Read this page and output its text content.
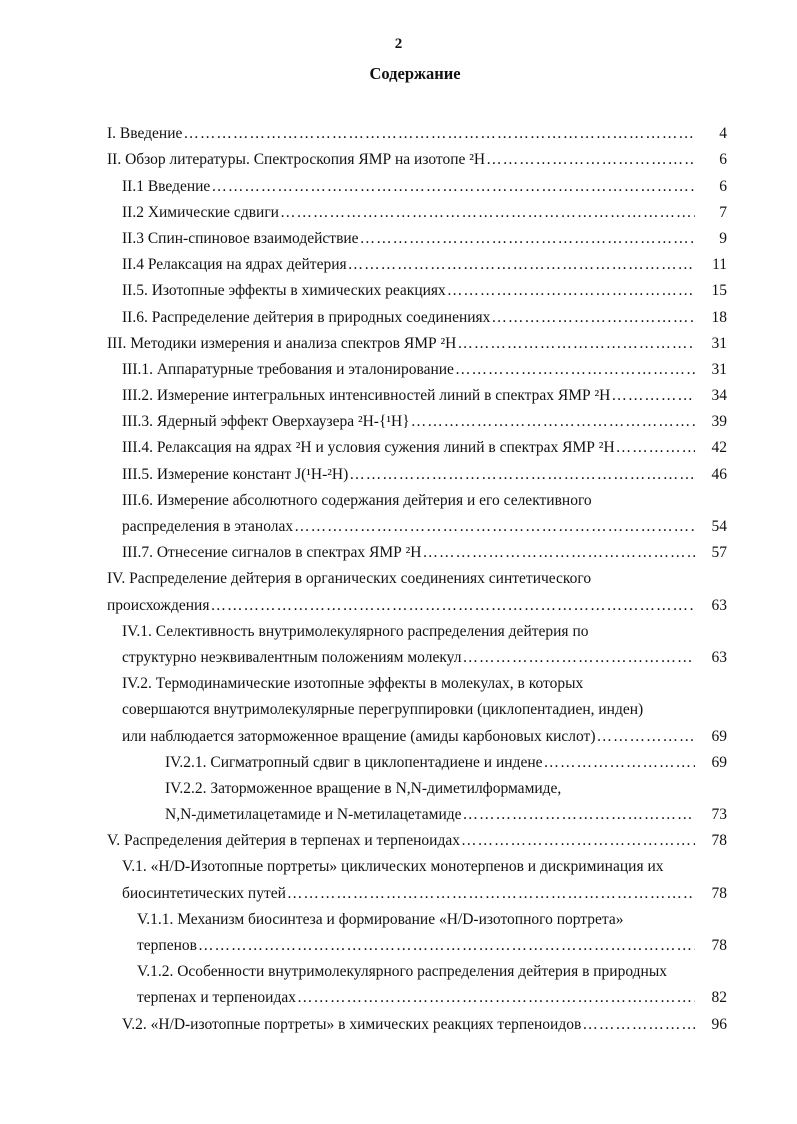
2
Содержание
I. Введение ……………………………………………………………………………………………………………………………………………………………………………	4
II. Обзор литературы. Спектроскопия ЯМР на изотопе ²H ……………………………………………………………………………………………………………………………………………………………………………	6
II.1 Введение ……………………………………………………………………………………………………………………………………………………………………………	6
II.2 Химические сдвиги ……………………………………………………………………………………………………………………………………………………………………………	7
II.3 Спин-спиновое взаимодействие ……………………………………………………………………………………………………………………………………………………………………………	9
II.4 Релаксация на ядрах дейтерия ……………………………………………………………………………………………………………………………………………………………………………	11
II.5. Изотопные эффекты в химических реакциях ……………………………………………………………………………………………………………………………………………………………………………	15
II.6. Распределение дейтерия в природных соединениях ……………………………………………………………………………………………………………………………………………………………………………	18
III. Методики измерения и анализа спектров ЯМР ²H ……………………………………………………………………………………………………………………………………………………………………………	31
III.1. Аппаратурные требования и эталонирование ……………………………………………………………………………………………………………………………………………………………………………	31
III.2. Измерение интегральных интенсивностей линий в спектрах ЯМР ²H ……………………………………………………………………………………………………………………………………………………………………………	34
III.3. Ядерный эффект Оверхаузера ²H-{¹H} ……………………………………………………………………………………………………………………………………………………………………………	39
III.4. Релаксация на ядрах ²H и условия сужения линий в спектрах ЯМР ²H ……………………………………………………………………………………………………………………………………………………………………………	42
III.5. Измерение констант J(¹H-²H) ……………………………………………………………………………………………………………………………………………………………………………	46
III.6. Измерение абсолютного содержания дейтерия и его селективного
распределения в этанолах ……………………………………………………………………………………………………………………………………………………………………………	54
III.7. Отнесение сигналов в спектрах ЯМР ²H ……………………………………………………………………………………………………………………………………………………………………………	57
IV. Распределение дейтерия в органических соединениях синтетического
происхождения ……………………………………………………………………………………………………………………………………………………………………………	63
IV.1. Селективность внутримолекулярного распределения дейтерия по
структурно неэквивалентным положениям молекул ……………………………………………………………………………………………………………………………………………………………………………	63
IV.2. Термодинамические изотопные эффекты в молекулах, в которых
совершаются внутримолекулярные перегруппировки (циклопентадиен, инден)
или наблюдается заторможенное вращение (амиды карбоновых кислот) ……………………………………………………………………………………………………………………………………………………………………………	69
IV.2.1. Сигматропный сдвиг в циклопентадиене и индене ……………………………………………………………………………………………………………………………………………………………………………	69
IV.2.2. Заторможенное вращение в N,N-диметилформамиде,
N,N-диметилацетамиде и N-метилацетамиде ……………………………………………………………………………………………………………………………………………………………………………	73
V. Распределения дейтерия в терпенах и терпеноидах ……………………………………………………………………………………………………………………………………………………………………………	78
V.1. «H/D-Изотопные портреты» циклических монотерпенов и дискриминация их
биосинтетических путей ……………………………………………………………………………………………………………………………………………………………………………	78
V.1.1. Механизм биосинтеза и формирование «H/D-изотопного портрета»
терпенов ……………………………………………………………………………………………………………………………………………………………………………	78
V.1.2. Особенности внутримолекулярного распределения дейтерия в природных
терпенах и терпеноидах ……………………………………………………………………………………………………………………………………………………………………………	82
V.2. «H/D-изотопные портреты» в химических реакциях терпеноидов ……………………………………………………………………………………………………………………………………………………………………………	96
